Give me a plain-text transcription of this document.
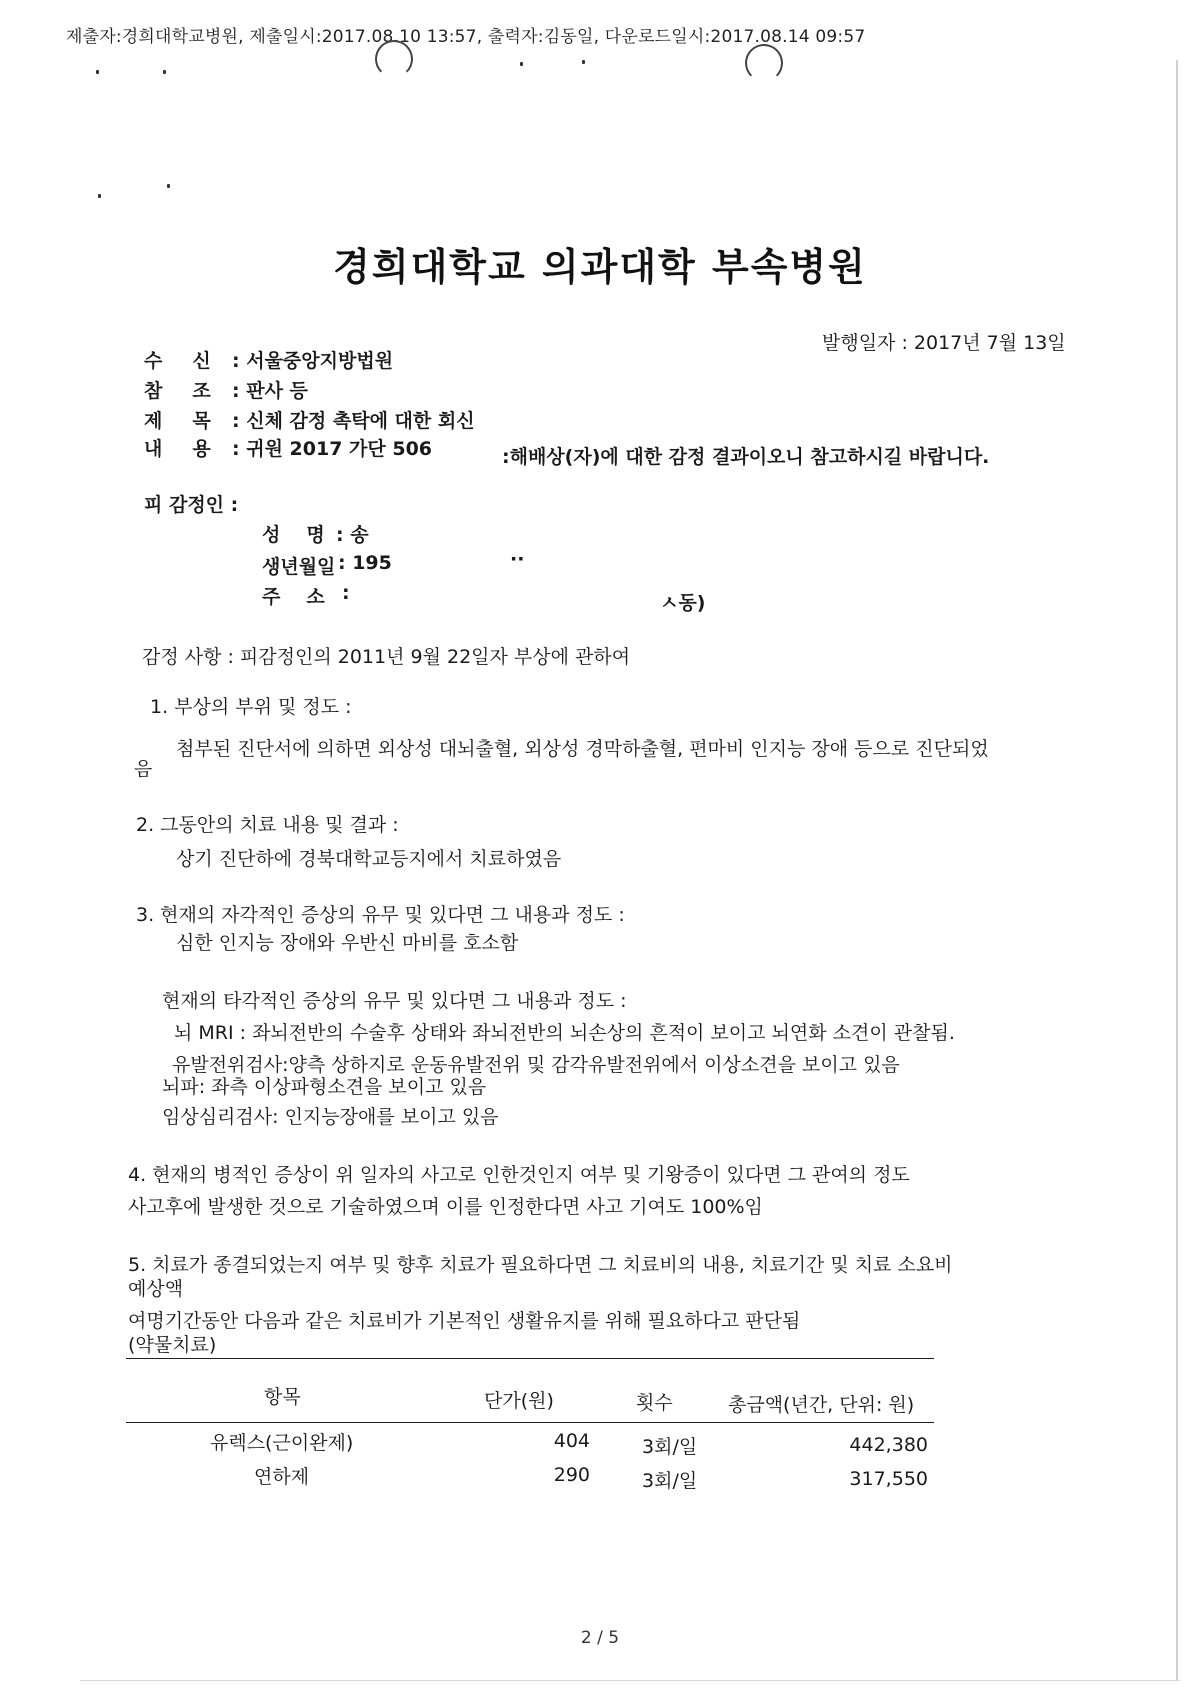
제출자:경희대학교병원, 제출일시:2017.08.10 13:57, 출력자:김동일, 다운로드일시:2017.08.14 09:57
경희대학교 의과대학 부속병원
발행일자 : 2017년 7월 13일
수 신 : 서울중앙지방법원
참 조 : 판사 등
제 목 : 신체 감정 촉탁에 대한 회신
내 용 : 귀원 2017 가단 506	:해배상(자)에 대한 감정 결과이오니 참고하시길 바랍니다.
피 감정인 :
성 명 : 송
생년월일 : 195	··
주 소 :	ㅅ동)
감정 사항 : 피감정인의 2011년 9월 22일자 부상에 관하여
1. 부상의 부위 및 정도 :
첨부된 진단서에 의하면 외상성 대뇌출혈, 외상성 경막하출혈, 편마비 인지능 장애 등으로 진단되었
음
2. 그동안의 치료 내용 및 결과 :
상기 진단하에 경북대학교등지에서 치료하였음
3. 현재의 자각적인 증상의 유무 및 있다면 그 내용과 정도 :
심한 인지능 장애와 우반신 마비를 호소함
현재의 타각적인 증상의 유무 및 있다면 그 내용과 정도 :
뇌 MRI : 좌뇌전반의 수술후 상태와 좌뇌전반의 뇌손상의 흔적이 보이고 뇌연화 소견이 관찰됨.
유발전위검사:양측 상하지로 운동유발전위 및 감각유발전위에서 이상소견을 보이고 있음
뇌파: 좌측 이상파형소견을 보이고 있음
임상심리검사: 인지능장애를 보이고 있음
4. 현재의 병적인 증상이 위 일자의 사고로 인한것인지 여부 및 기왕증이 있다면 그 관여의 정도
사고후에 발생한 것으로 기술하였으며 이를 인정한다면 사고 기여도 100%임
5. 치료가 종결되었는지 여부 및 향후 치료가 필요하다면 그 치료비의 내용, 치료기간 및 치료 소요비
예상액
여명기간동안 다음과 같은 치료비가 기본적인 생활유지를 위해 필요하다고 판단됨
(약물치료)
항목	단가(원)	횟수	총금액(년간, 단위: 원)
유렉스(근이완제)	404	3회/일	442,380
연하제	290	3회/일	317,550
2 / 5
